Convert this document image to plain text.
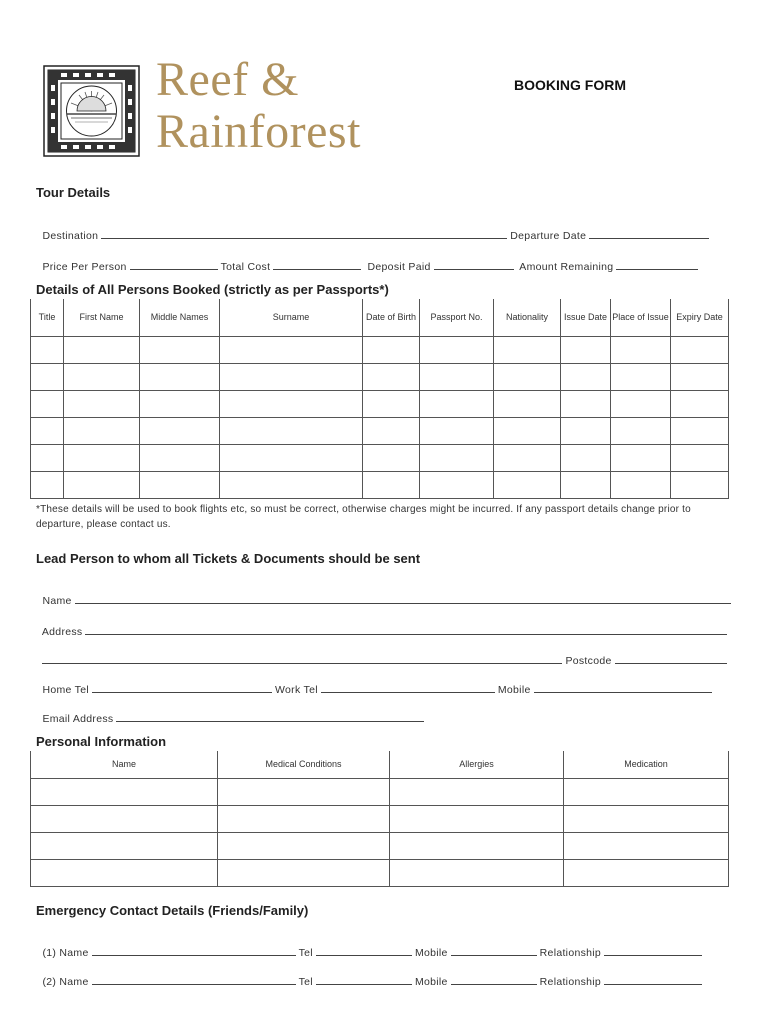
Reef &
Rainforest
BOOKING FORM
Tour Details

Destination	Departure Date

Price Per Person	Total Cost	Deposit Paid	Amount Remaining

Details of All Persons Booked (strictly as per Passports*)
Title	First Name	Middle Names	Surname	Date of Birth	Passport No.	Nationality	Issue Date	Place of Issue	Expiry Date

*These details will be used to book flights etc, so must be correct, otherwise charges might be incurred. If any passport details change prior to departure, please contact us.
Lead Person to whom all Tickets & Documents should be sent

Name

Address

Postcode

Home Tel	Work Tel	Mobile

Email Address

Personal Information
Name	Medical Conditions	Allergies	Medication

Emergency Contact Details (Friends/Family)

(1) Name	Tel	Mobile	Relationship

(2) Name	Tel	Mobile	Relationship
